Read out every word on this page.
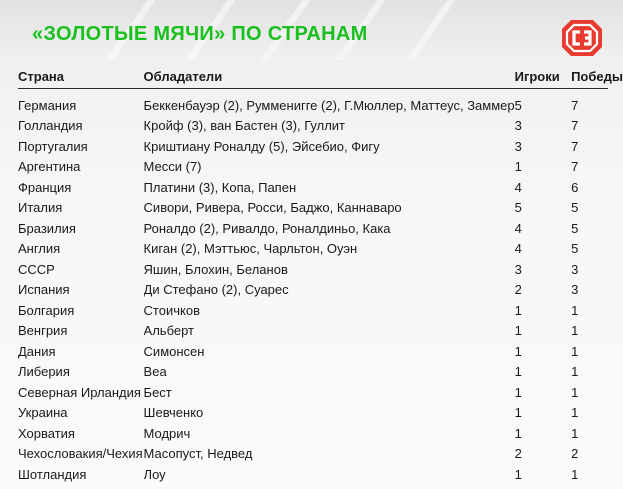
«ЗОЛОТЫЕ МЯЧИ» ПО СТРАНАМ
Страна	Обладатели	Игроки	Победы

Германия	Беккенбауэр (2), Румменигге (2), Г.Мюллер, Маттеус, Заммер	5	7
Голландия	Кройф (3), ван Бастен (3), Гуллит	3	7
Португалия	Криштиану Роналду (5), Эйсебио, Фигу	3	7
Аргентина	Месси (7)	1	7
Франция	Платини (3), Копа, Папен	4	6
Италия	Сивори, Ривера, Росси, Баджо, Каннаваро	5	5
Бразилия	Роналдо (2), Ривалдо, Роналдиньо, Кака	4	5
Англия	Киган (2), Мэттьюс, Чарльтон, Оуэн	4	5
СССР	Яшин, Блохин, Беланов	3	3
Испания	Ди Стефано (2), Суарес	2	3
Болгария	Стоичков	1	1
Венгрия	Альберт	1	1
Дания	Симонсен	1	1
Либерия	Веа	1	1
Северная Ирландия	Бест	1	1
Украина	Шевченко	1	1
Хорватия	Модрич	1	1
Чехословакия/Чехия	Масопуст, Недвед	2	2
Шотландия	Лоу	1	1
